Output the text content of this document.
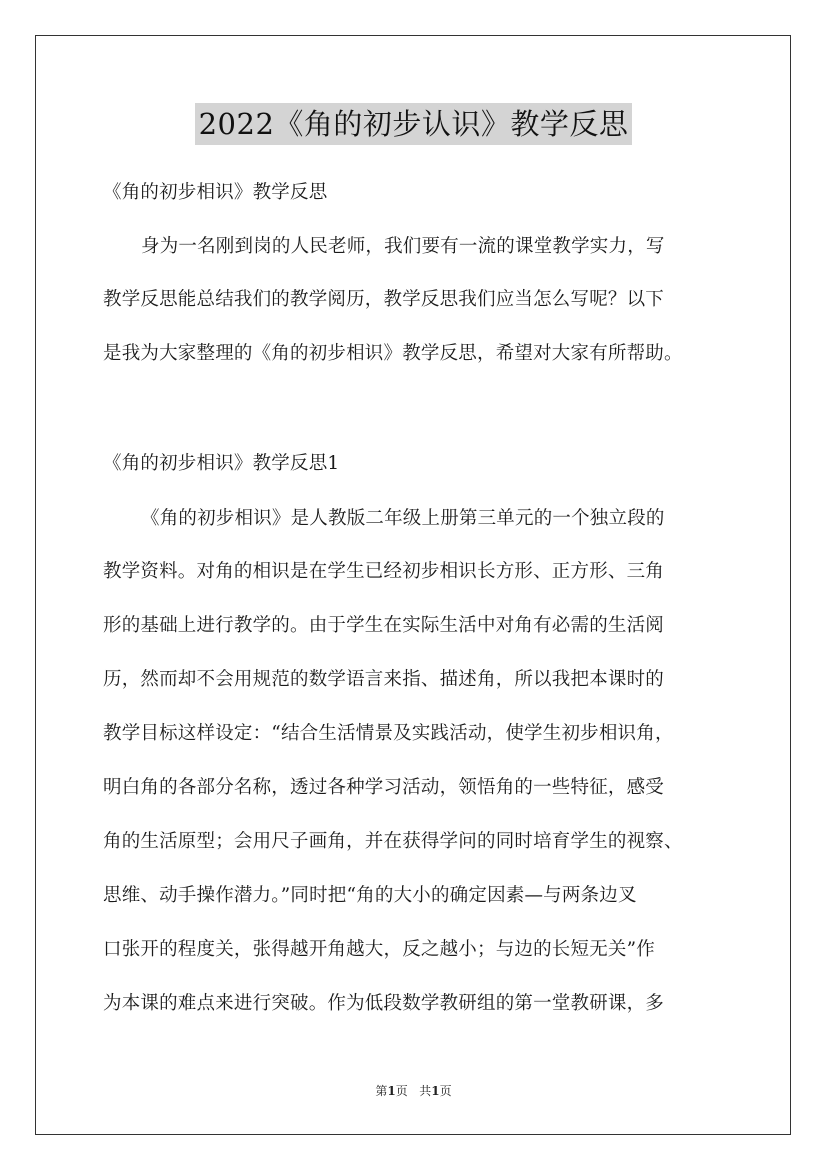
2022《角的初步认识》教学反思
《角的初步相识》教学反思
身为一名刚到岗的人民老师，我们要有一流的课堂教学实力，写
教学反思能总结我们的教学阅历，教学反思我们应当怎么写呢？以下
是我为大家整理的《角的初步相识》教学反思，希望对大家有所帮助。
《角的初步相识》教学反思1
《角的初步相识》是人教版二年级上册第三单元的一个独立段的
教学资料。对角的相识是在学生已经初步相识长方形、正方形、三角
形的基础上进行教学的。由于学生在实际生活中对角有必需的生活阅
历，然而却不会用规范的数学语言来指、描述角，所以我把本课时的
教学目标这样设定：“结合生活情景及实践活动，使学生初步相识角，
明白角的各部分名称，透过各种学习活动，领悟角的一些特征，感受
角的生活原型；会用尺子画角，并在获得学问的同时培育学生的视察、
思维、动手操作潜力。”同时把“角的大小的确定因素—与两条边叉
口张开的程度关，张得越开角越大，反之越小；与边的长短无关”作
为本课的难点来进行突破。作为低段数学教研组的第一堂教研课，多
第1页 共1页
